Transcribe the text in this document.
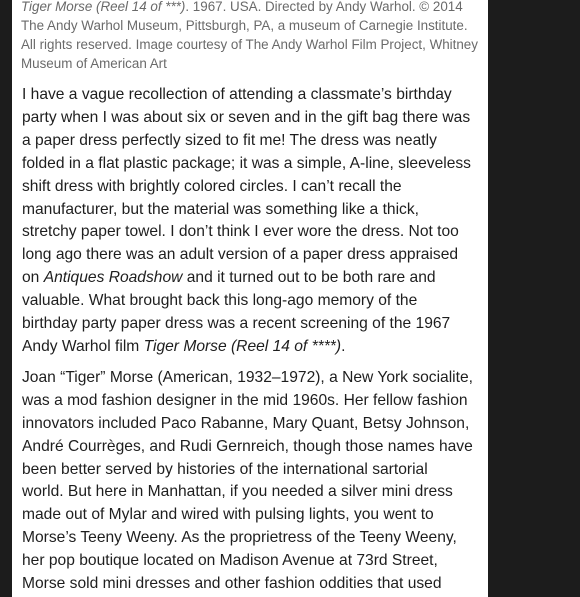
Tiger Morse (Reel 14 of ***). 1967. USA. Directed by Andy Warhol. © 2014
The Andy Warhol Museum, Pittsburgh, PA, a museum of Carnegie Institute.
All rights reserved. Image courtesy of The Andy Warhol Film Project, Whitney
Museum of American Art

I have a vague recollection of attending a classmate’s birthday
party when I was about six or seven and in the gift bag there was
a paper dress perfectly sized to fit me! The dress was neatly
folded in a flat plastic package; it was a simple, A-line, sleeveless
shift dress with brightly colored circles. I can’t recall the
manufacturer, but the material was something like a thick,
stretchy paper towel. I don’t think I ever wore the dress. Not too
long ago there was an adult version of a paper dress appraised
on Antiques Roadshow and it turned out to be both rare and
valuable. What brought back this long-ago memory of the
birthday party paper dress was a recent screening of the 1967
Andy Warhol film Tiger Morse (Reel 14 of ****).

Joan “Tiger” Morse (American, 1932–1972), a New York socialite,
was a mod fashion designer in the mid 1960s. Her fellow fashion
innovators included Paco Rabanne, Mary Quant, Betsy Johnson,
André Courrèges, and Rudi Gernreich, though those names have
been better served by histories of the international sartorial
world. But here in Manhattan, if you needed a silver mini dress
made out of Mylar and wired with pulsing lights, you went to
Morse’s Teeny Weeny. As the proprietress of the Teeny Weeny,
her pop boutique located on Madison Avenue at 73rd Street,
Morse sold mini dresses and other fashion oddities that used
